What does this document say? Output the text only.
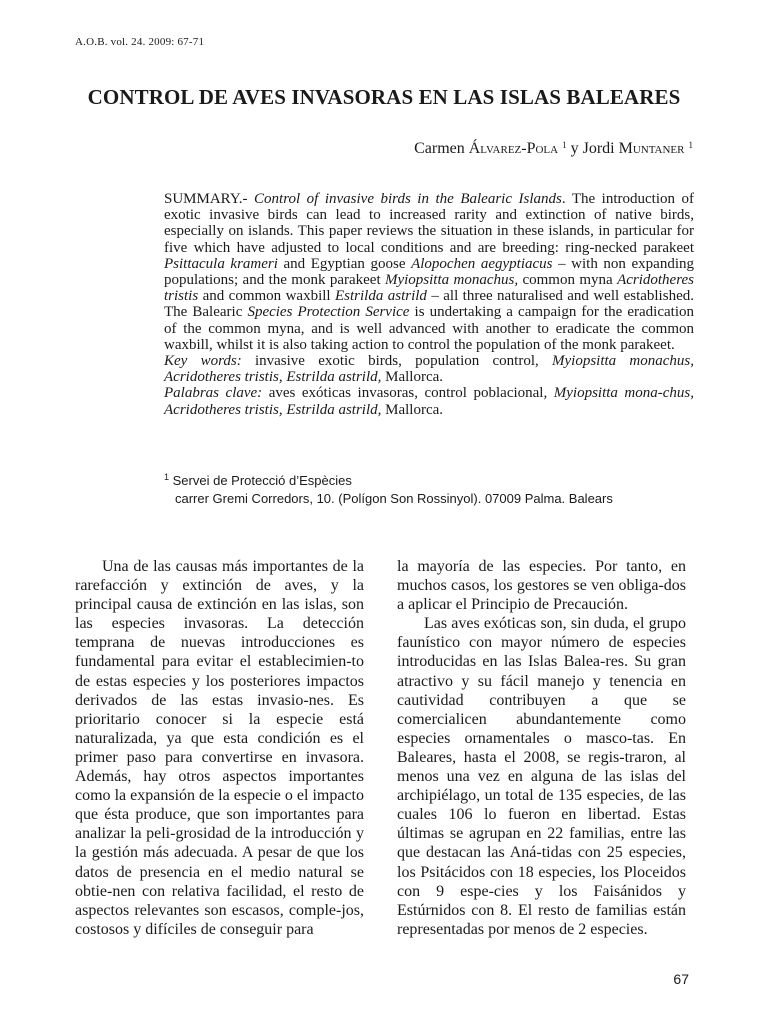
A.O.B. vol. 24. 2009: 67-71
CONTROL DE AVES INVASORAS EN LAS ISLAS BALEARES
Carmen Álvarez-Pola $^1$ y Jordi Muntaner $^1$

SUMMARY.- Control of invasive birds in the Balearic Islands. The introduction of exotic invasive birds can lead to increased rarity and extinction of native birds, especially on islands. This paper reviews the situation in these islands, in particular for five which have adjusted to local conditions and are breeding: ring-necked parakeet Psittacula krameri and Egyptian goose Alopochen aegyptiacus – with non expanding populations; and the monk parakeet Myiopsitta monachus, common myna Acridotheres tristis and common waxbill Estrilda astrild – all three naturalised and well established. The Balearic Species Protection Service is undertaking a campaign for the eradication of the common myna, and is well advanced with another to eradicate the common waxbill, whilst it is also taking action to control the population of the monk parakeet.

Key words: invasive exotic birds, population control, Myiopsitta monachus, Acridotheres tristis, Estrilda astrild, Mallorca.

Palabras clave: aves exóticas invasoras, control poblacional, Myiopsitta mona-chus, Acridotheres tristis, Estrilda astrild, Mallorca.

$^1$ Servei de Protecció d’Espècies
carrer Gremi Corredors, 10. (Polígon Son Rossinyol). 07009 Palma. Balears

Una de las causas más importantes de la rarefacción y extinción de aves, y la principal causa de extinción en las islas, son las especies invasoras. La detección temprana de nuevas introducciones es fundamental para evitar el establecimien-to de estas especies y los posteriores impactos derivados de las estas invasio-nes. Es prioritario conocer si la especie está naturalizada, ya que esta condición es el primer paso para convertirse en invasora. Además, hay otros aspectos importantes como la expansión de la especie o el impacto que ésta produce, que son importantes para analizar la peli-grosidad de la introducción y la gestión más adecuada. A pesar de que los datos de presencia en el medio natural se obtie-nen con relativa facilidad, el resto de aspectos relevantes son escasos, comple-jos, costosos y difíciles de conseguir para

la mayoría de las especies. Por tanto, en muchos casos, los gestores se ven obliga-dos a aplicar el Principio de Precaución.

Las aves exóticas son, sin duda, el grupo faunístico con mayor número de especies introducidas en las Islas Balea-res. Su gran atractivo y su fácil manejo y tenencia en cautividad contribuyen a que se comercialicen abundantemente como especies ornamentales o masco-tas. En Baleares, hasta el 2008, se regis-traron, al menos una vez en alguna de las islas del archipiélago, un total de 135 especies, de las cuales 106 lo fueron en libertad. Estas últimas se agrupan en 22 familias, entre las que destacan las Aná-tidas con 25 especies, los Psitácidos con 18 especies, los Ploceidos con 9 espe-cies y los Faisánidos y Estúrnidos con 8. El resto de familias están representadas por menos de 2 especies.

67
